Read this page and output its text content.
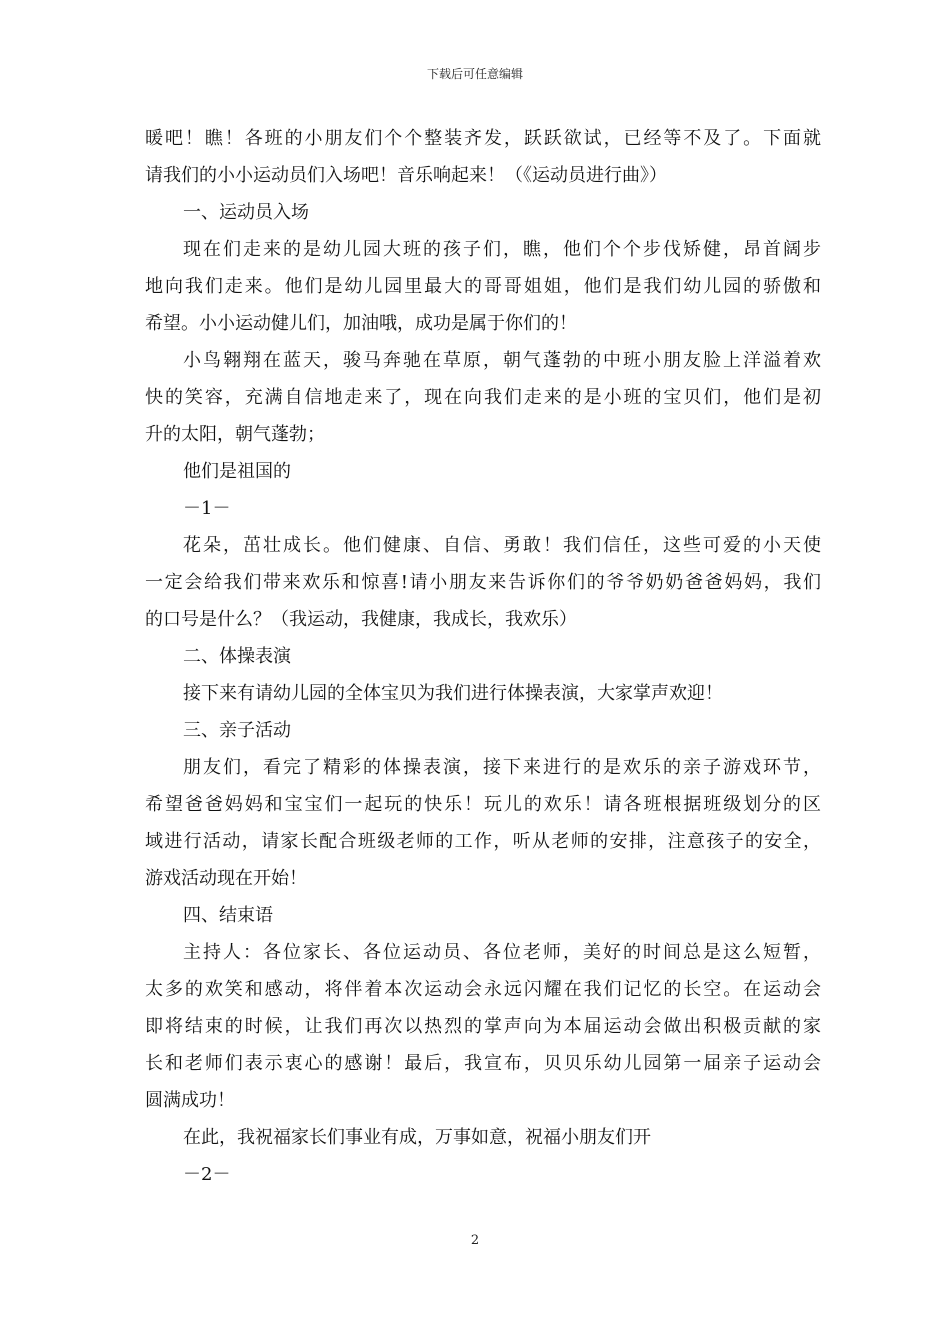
下载后可任意编辑
暖吧！瞧！各班的小朋友们个个整装齐发，跃跃欲试，已经等不及了。下面就
请我们的小小运动员们入场吧！音乐响起来！（《运动员进行曲》）
一、运动员入场
现在们走来的是幼儿园大班的孩子们，瞧，他们个个步伐矫健，昂首阔步
地向我们走来。他们是幼儿园里最大的哥哥姐姐，他们是我们幼儿园的骄傲和
希望。小小运动健儿们，加油哦，成功是属于你们的！
小鸟翱翔在蓝天，骏马奔驰在草原，朝气蓬勃的中班小朋友脸上洋溢着欢
快的笑容，充满自信地走来了，现在向我们走来的是小班的宝贝们，他们是初
升的太阳，朝气蓬勃；
他们是祖国的
－1－
花朵，茁壮成长。他们健康、自信、勇敢！我们信任，这些可爱的小天使
一定会给我们带来欢乐和惊喜!请小朋友来告诉你们的爷爷奶奶爸爸妈妈，我们
的口号是什么？（我运动，我健康，我成长，我欢乐）
二、体操表演
接下来有请幼儿园的全体宝贝为我们进行体操表演，大家掌声欢迎！
三、亲子活动
朋友们，看完了精彩的体操表演，接下来进行的是欢乐的亲子游戏环节，
希望爸爸妈妈和宝宝们一起玩的快乐！玩儿的欢乐！请各班根据班级划分的区
域进行活动，请家长配合班级老师的工作，听从老师的安排，注意孩子的安全，
游戏活动现在开始！
四、结束语
主持人：各位家长、各位运动员、各位老师，美好的时间总是这么短暂，
太多的欢笑和感动，将伴着本次运动会永远闪耀在我们记忆的长空。在运动会
即将结束的时候，让我们再次以热烈的掌声向为本届运动会做出积极贡献的家
长和老师们表示衷心的感谢！最后，我宣布，贝贝乐幼儿园第一届亲子运动会
圆满成功！
在此，我祝福家长们事业有成，万事如意，祝福小朋友们开
－2－
2
